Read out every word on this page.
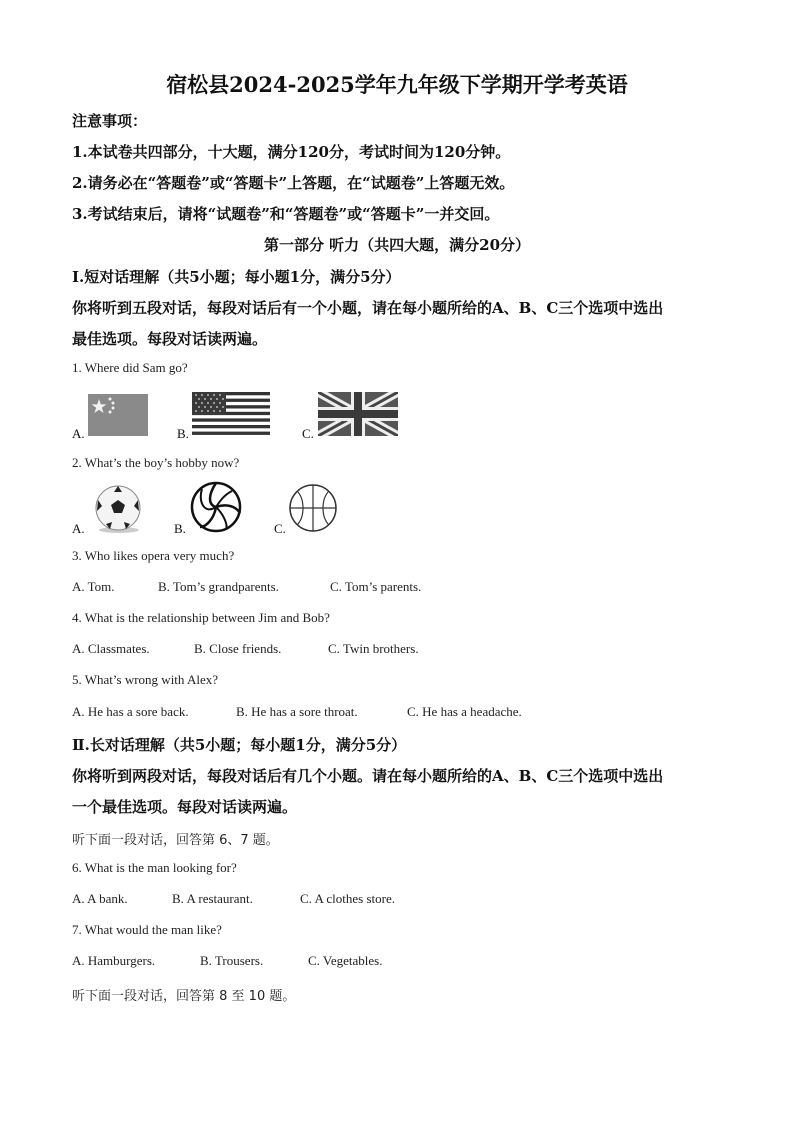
宿松县2024-2025学年九年级下学期开学考英语
注意事项：
1.本试卷共四部分，十大题，满分120分，考试时间为120分钟。
2.请务必在“答题卷”或“答题卡”上答题，在“试题卷”上答题无效。
3.考试结束后，请将“试题卷”和“答题卷”或“答题卡”一并交回。
第一部分 听力（共四大题，满分20分）
Ⅰ.短对话理解（共5小题；每小题1分，满分5分）
你将听到五段对话，每段对话后有一个小题，请在每小题所给的A、B、C三个选项中选出
最佳选项。每段对话读两遍。
1. Where did Sam go?
A.	B.	C.
2. What’s the boy’s hobby now?
A.	B.	C.
3. Who likes opera very much?
A. Tom.	B. Tom’s grandparents.	C. Tom’s parents.
4. What is the relationship between Jim and Bob?
A. Classmates.	B. Close friends.	C. Twin brothers.
5. What’s wrong with Alex?
A. He has a sore back.	B. He has a sore throat.	C. He has a headache.
Ⅱ.长对话理解（共5小题；每小题1分，满分5分）
你将听到两段对话，每段对话后有几个小题。请在每小题所给的A、B、C三个选项中选出
一个最佳选项。每段对话读两遍。
听下面一段对话，回答第 6、7 题。
6. What is the man looking for?
A. A bank.	B. A restaurant.	C. A clothes store.
7. What would the man like?
A. Hamburgers.	B. Trousers.	C. Vegetables.
听下面一段对话，回答第 8 至 10 题。
